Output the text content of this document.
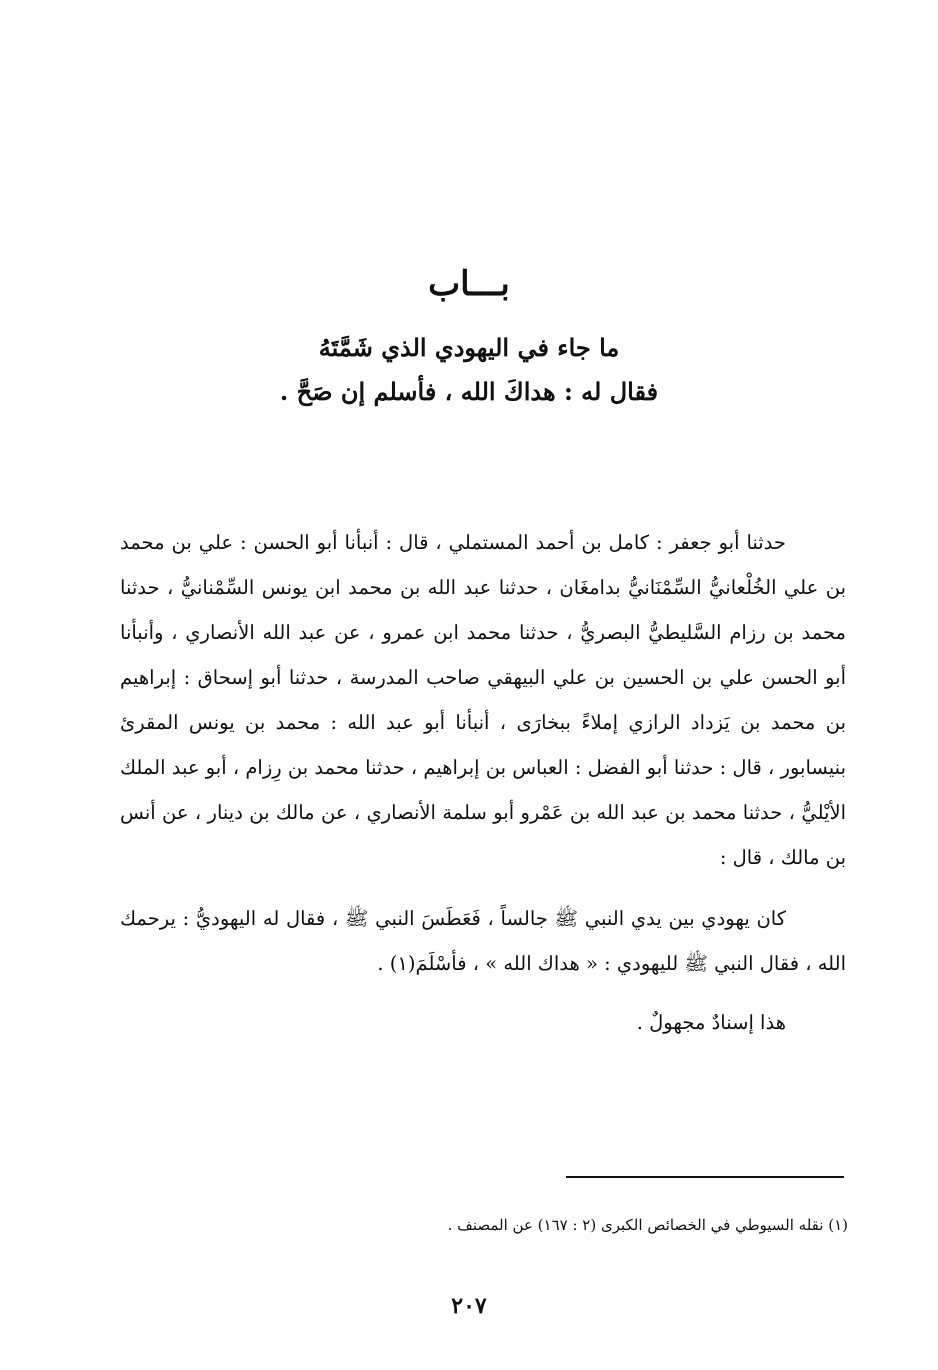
بـــاب
ما جاء في اليهودي الذي شَمَّتَهُ
فقال له : هداكَ الله ، فأسلم إن صَحَّ .

حدثنا أبو جعفر : كامل بن أحمد المستملي ، قال : أنبأنا أبو الحسن : علي بن محمد بن علي الخُلْعانيُّ السِّمْنَانيُّ بدامغَان ، حدثنا عبد الله بن محمد ابن يونس السِّمْنانيُّ ، حدثنا محمد بن رزام السَّليطيُّ البصريُّ ، حدثنا محمد ابن عمرو ، عن عبد الله الأنصاري ، وأنبأنا أبو الحسن علي بن الحسين بن علي البيهقي صاحب المدرسة ، حدثنا أبو إسحاق : إبراهيم بن محمد بن يَزداد الرازي إملاءً ببخارَى ، أنبأنا أبو عبد الله : محمد بن يونس المقرئ بنيسابور ، قال : حدثنا أبو الفضل : العباس بن إبراهيم ، حدثنا محمد بن رِزام ، أبو عبد الملك الأيْليُّ ، حدثنا محمد بن عبد الله بن عَمْرو أبو سلمة الأنصاري ، عن مالك بن دينار ، عن أنس بن مالك ، قال :

كان يهودي بين يدي النبي ﷺ جالساً ، فَعَطَسَ النبي ﷺ ، فقال له اليهوديُّ : يرحمك الله ، فقال النبي ﷺ لليهودي : « هداك الله » ، فأسْلَمَ(١) .

هذا إسنادٌ مجهولٌ .

(١) نقله السيوطي في الخصائص الكبرى (٢ : ١٦٧) عن المصنف .
٢٠٧
